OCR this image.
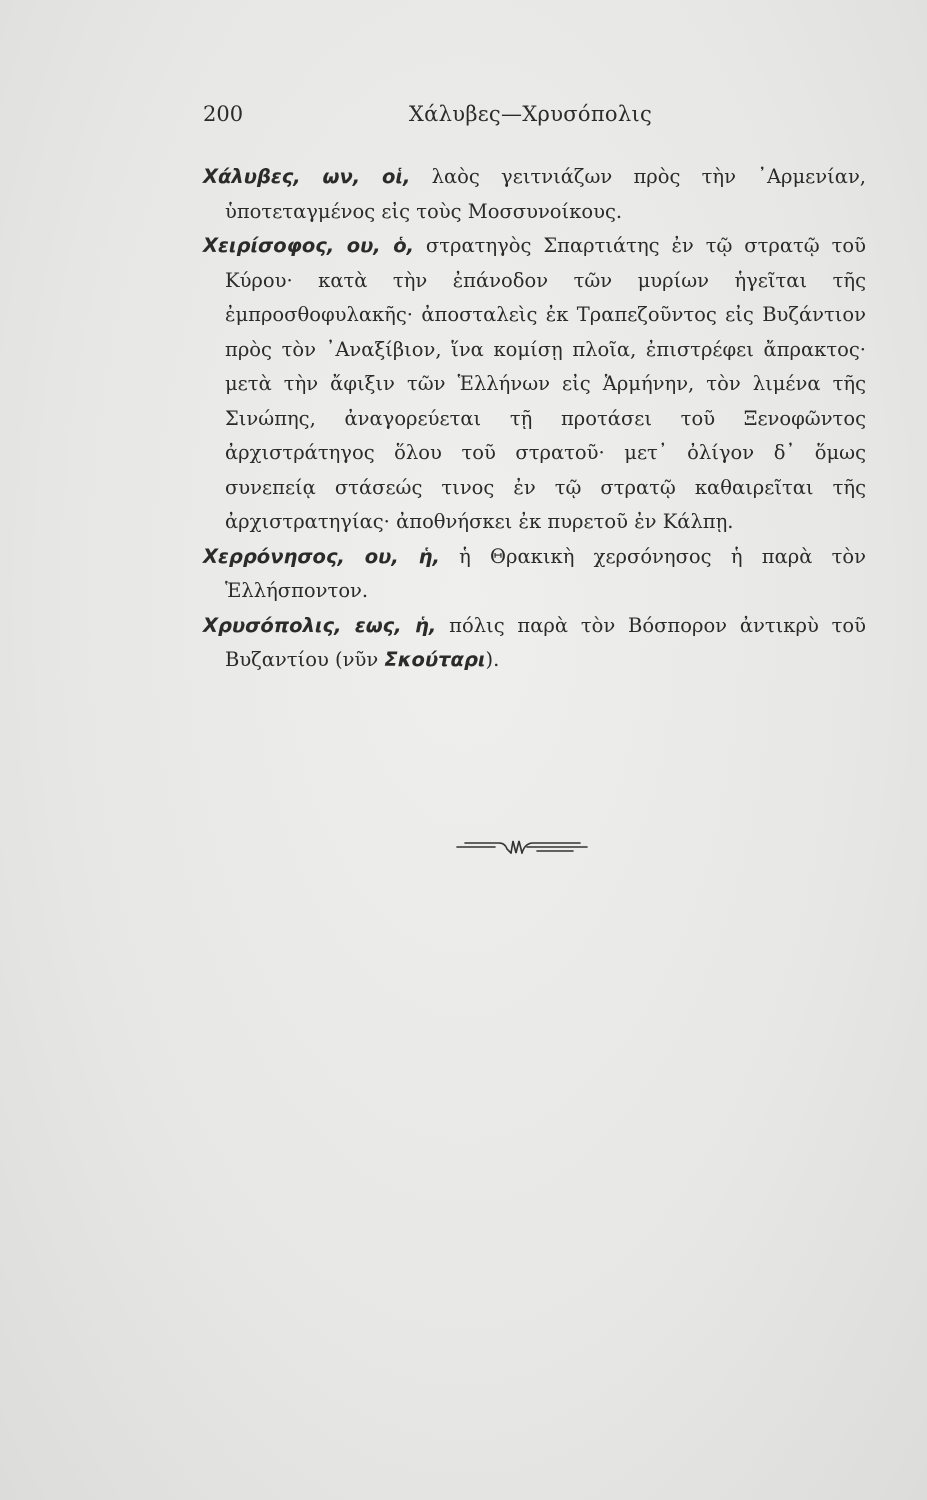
200	Χάλυβες—Χρυσόπολις

Χάλυβες, ων, οἱ, λαὸς γειτνιάζων πρὸς τὴν ᾿Αρμενίαν, ὑποτεταγμένος εἰς τοὺς Μοσσυνοίκους.

Χειρίσοφος, ου, ὁ, στρατηγὸς Σπαρτιάτης ἐν τῷ στρατῷ τοῦ Κύρου· κατὰ τὴν ἐπάνοδον τῶν μυρίων ἡγεῖται τῆς ἐμπροσθοφυλακῆς· ἀποσταλεὶς ἐκ Τραπεζοῦντος εἰς Βυζάντιον πρὸς τὸν ᾿Αναξίβιον, ἵνα κομίσῃ πλοῖα, ἐπιστρέφει ἄπρακτος· μετὰ τὴν ἄφιξιν τῶν Ἑλλήνων εἰς Ἁρμήνην, τὸν λιμένα τῆς Σινώπης, ἀναγορεύεται τῇ προτάσει τοῦ Ξενοφῶντος ἀρχιστράτηγος ὅλου τοῦ στρατοῦ· μετ᾿ ὀλίγον δ᾿ ὅμως συνεπείᾳ στάσεώς τινος ἐν τῷ στρατῷ καθαιρεῖται τῆς ἀρχιστρατηγίας· ἀποθνήσκει ἐκ πυρετοῦ ἐν Κάλπῃ.

Χερρόνησος, ου, ἡ, ἡ Θρακικὴ χερσόνησος ἡ παρὰ τὸν Ἑλλήσποντον.

Χρυσόπολις, εως, ἡ, πόλις παρὰ τὸν Βόσπορον ἀντικρὺ τοῦ Βυζαντίου (νῦν Σκούταρι).
